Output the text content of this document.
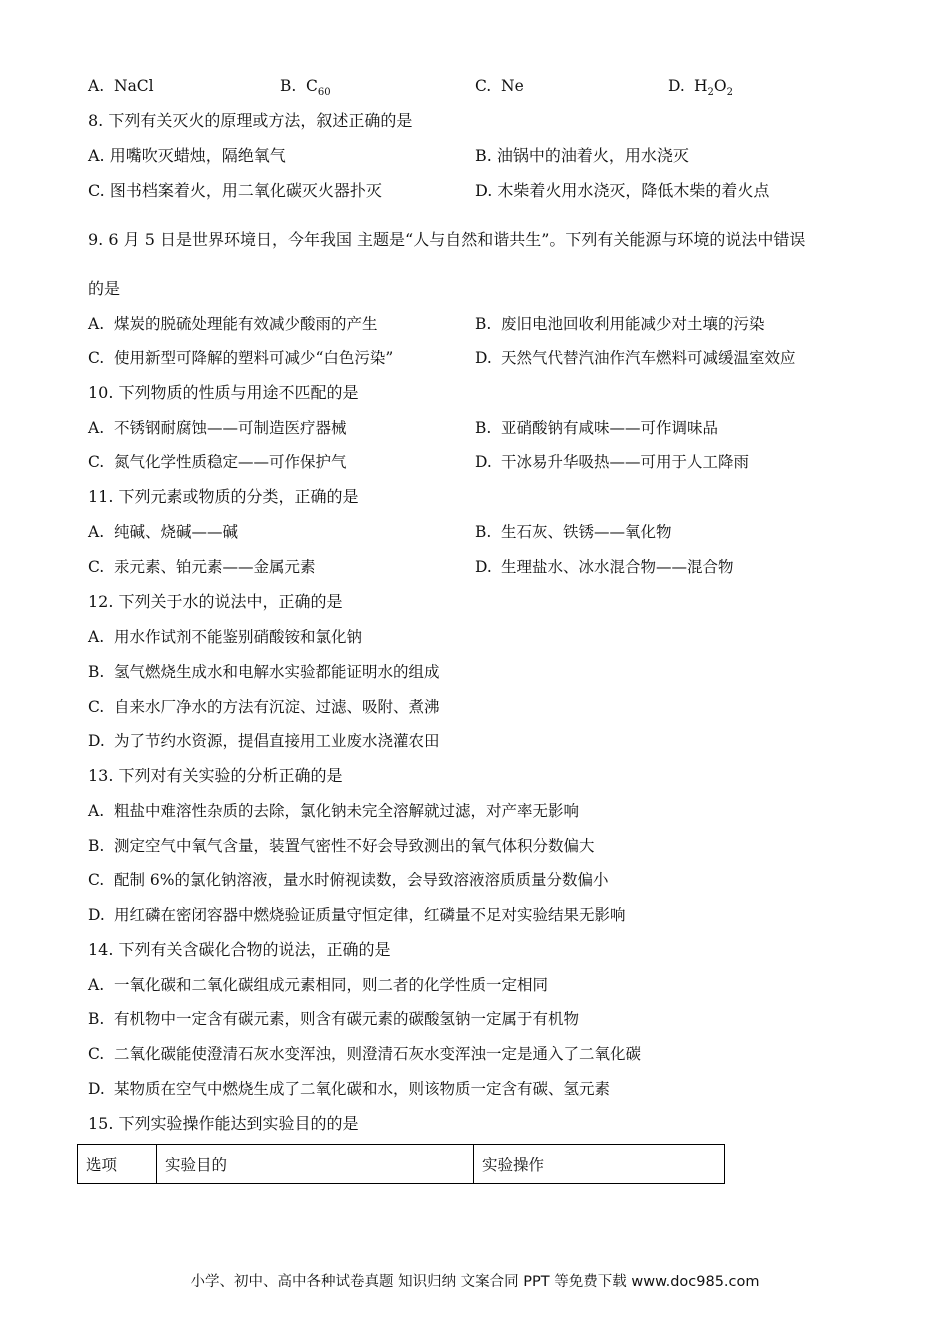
A. NaCl	B. $C_{60}$	C. Ne	D. $H_2O_2$
8. 下列有关灭火的原理或方法，叙述正确的是
A. 用嘴吹灭蜡烛，隔绝氧气	B. 油锅中的油着火，用水浇灭
C. 图书档案着火，用二氧化碳灭火器扑灭	D. 木柴着火用水浇灭，降低木柴的着火点
9. 6 月 5 日是世界环境日，今年我国 主题是“人与自然和谐共生”。下列有关能源与环境的说法中错误
的是
A. 煤炭的脱硫处理能有效减少酸雨的产生	B. 废旧电池回收利用能减少对土壤的污染
C. 使用新型可降解的塑料可减少“白色污染”	D. 天然气代替汽油作汽车燃料可减缓温室效应
10. 下列物质的性质与用途不匹配的是
A. 不锈钢耐腐蚀——可制造医疗器械	B. 亚硝酸钠有咸味——可作调味品
C. 氮气化学性质稳定——可作保护气	D. 干冰易升华吸热——可用于人工降雨
11. 下列元素或物质的分类，正确的是
A. 纯碱、烧碱——碱	B. 生石灰、铁锈——氧化物
C. 汞元素、铂元素——金属元素	D. 生理盐水、冰水混合物——混合物
12. 下列关于水的说法中，正确的是
A. 用水作试剂不能鉴别硝酸铵和氯化钠
B. 氢气燃烧生成水和电解水实验都能证明水的组成
C. 自来水厂净水的方法有沉淀、过滤、吸附、煮沸
D. 为了节约水资源，提倡直接用工业废水浇灌农田
13. 下列对有关实验的分析正确的是
A. 粗盐中难溶性杂质的去除，氯化钠未完全溶解就过滤，对产率无影响
B. 测定空气中氧气含量，装置气密性不好会导致测出的氧气体积分数偏大
C. 配制 6%的氯化钠溶液，量水时俯视读数，会导致溶液溶质质量分数偏小
D. 用红磷在密闭容器中燃烧验证质量守恒定律，红磷量不足对实验结果无影响
14. 下列有关含碳化合物的说法，正确的是
A. 一氧化碳和二氧化碳组成元素相同，则二者的化学性质一定相同
B. 有机物中一定含有碳元素，则含有碳元素的碳酸氢钠一定属于有机物
C. 二氧化碳能使澄清石灰水变浑浊，则澄清石灰水变浑浊一定是通入了二氧化碳
D. 某物质在空气中燃烧生成了二氧化碳和水，则该物质一定含有碳、氢元素
15. 下列实验操作能达到实验目的的是
选项	实验目的	实验操作
小学、初中、高中各种试卷真题 知识归纳 文案合同 PPT 等免费下载 www.doc985.com
